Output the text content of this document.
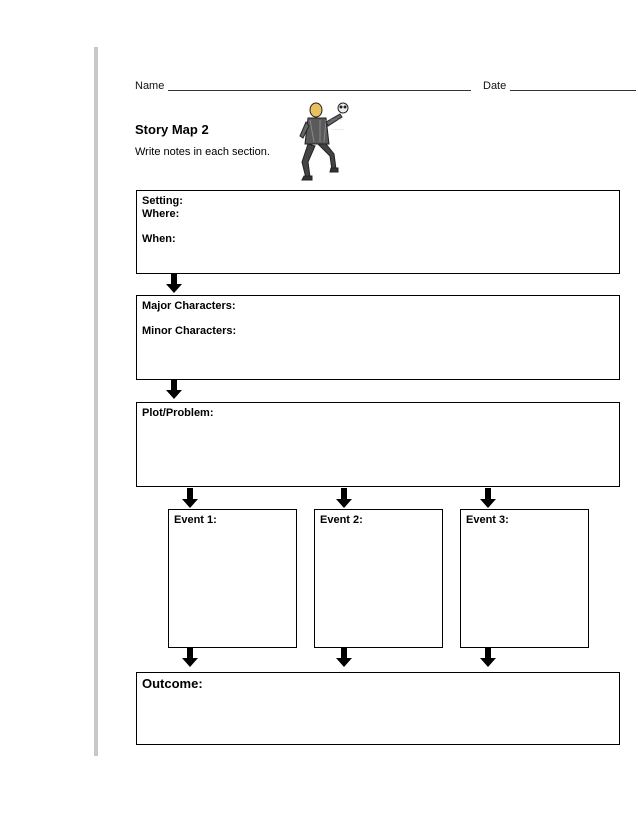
Name	Date
Story Map 2
Write notes in each section.
~~~~~
~~~~~
Setting:
Where:
When:
Major Characters:
Minor Characters:
Plot/Problem:
Event 1:	Event 2:	Event 3:
Outcome:
